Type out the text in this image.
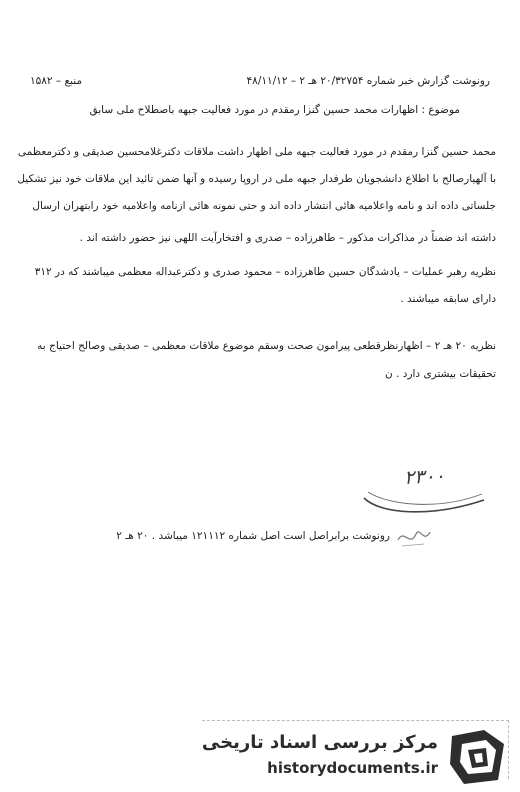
رونوشت گزارش خبر شماره ۲۰/۳۲۷۵۴ هـ ۲ – ۴۸/۱۱/۱۲
منبع – ۱۵۸۲
موضوع : اظهارات محمد حسین گنزا رمقدم در مورد فعالیت جبهه باصطلاح ملی سابق
محمد حسین گنزا رمقدم در مورد فعالیت جبهه ملی اظهار داشت ملاقات دکترغلامحسین صدیقی و دکترمعظمی
با آلهیارصالح با اطلاع دانشجویان طرفدار جبهه ملی در اروپا رسیده و آنها ضمن تائید این ملاقات خود نیز تشکیل
جلساتی داده اند و نامه واعلامیه هائی انتشار داده اند و حتی نمونه هائی ازنامه واعلامیه خود رابتهران ارسال
داشته اند ضمناً در مذاکرات مذکور – طاهرزاده – صدری و افتخارآیت اللهی نیز حضور داشته اند .
نظریه رهبر عملیات – یادشدگان حسین طاهرزاده – محمود صدری و دکترعبداله معظمی میباشند که در ۳۱۲
دارای سابقه میباشند .
نظریه ۲۰ هـ ۲ – اظهارنظرقطعی پیرامون صحت وسقم موضوع ملاقات معظمی – صدیقی وصالح احتیاج به
تحقیقات بیشتری دارد . ن
۲۳۰۰
رونوشت برابراصل است اصل شماره ۱۲۱۱۱۲ میباشد . ۲۰ هـ ۲
مرکز بررسی اسناد تاریخی
historydocuments.ir
